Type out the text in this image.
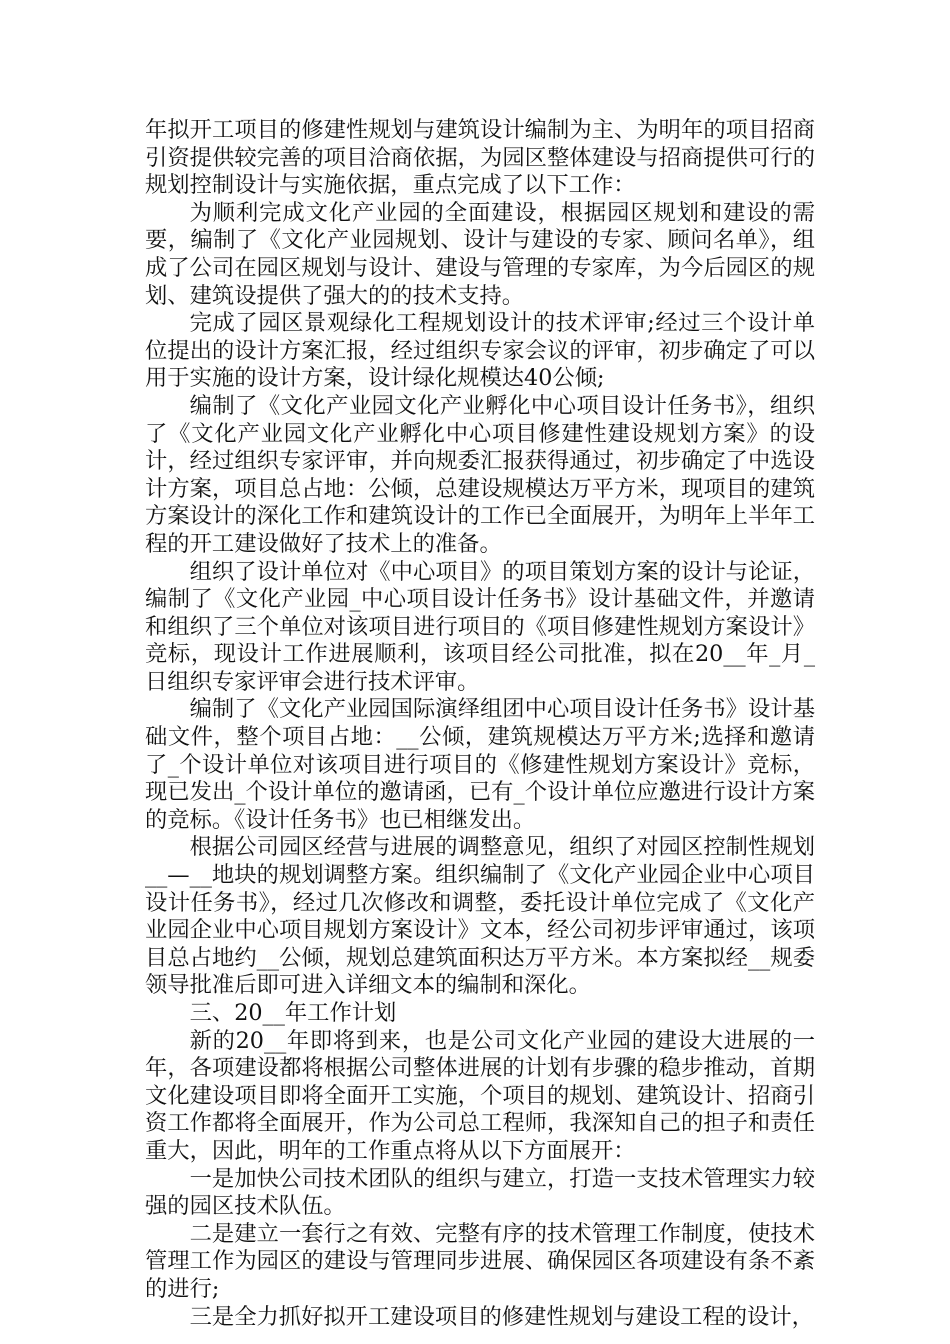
年拟开工项目的修建性规划与建筑设计编制为主、为明年的项目招商引资提供较完善的项目洽商依据，为园区整体建设与招商提供可行的规划控制设计与实施依据，重点完成了以下工作：

为顺利完成文化产业园的全面建设，根据园区规划和建设的需要，编制了《文化产业园规划、设计与建设的专家、顾问名单》，组成了公司在园区规划与设计、建设与管理的专家库，为今后园区的规划、建筑设提供了强大的的技术支持。

完成了园区景观绿化工程规划设计的技术评审;经过三个设计单位提出的设计方案汇报，经过组织专家会议的评审，初步确定了可以用于实施的设计方案，设计绿化规模达40公倾;

编制了《文化产业园文化产业孵化中心项目设计任务书》，组织了《文化产业园文化产业孵化中心项目修建性建设规划方案》的设计，经过组织专家评审，并向规委汇报获得通过，初步确定了中选设计方案，项目总占地：公倾，总建设规模达万平方米，现项目的建筑方案设计的深化工作和建筑设计的工作已全面展开，为明年上半年工程的开工建设做好了技术上的准备。

组织了设计单位对《中心项目》的项目策划方案的设计与论证，编制了《文化产业园_中心项目设计任务书》设计基础文件，并邀请和组织了三个单位对该项目进行项目的《项目修建性规划方案设计》竞标，现设计工作进展顺利，该项目经公司批准，拟在20__年_月_日组织专家评审会进行技术评审。

编制了《文化产业园国际演绎组团中心项目设计任务书》设计基础文件，整个项目占地：__公倾，建筑规模达万平方米;选择和邀请了_个设计单位对该项目进行项目的《修建性规划方案设计》竞标，现已发出_个设计单位的邀请函，已有_个设计单位应邀进行设计方案的竞标。《设计任务书》也已相继发出。

根据公司园区经营与进展的调整意见，组织了对园区控制性规划__—__地块的规划调整方案。组织编制了《文化产业园企业中心项目设计任务书》，经过几次修改和调整，委托设计单位完成了《文化产业园企业中心项目规划方案设计》文本，经公司初步评审通过，该项目总占地约__公倾，规划总建筑面积达万平方米。本方案拟经__规委领导批准后即可进入详细文本的编制和深化。

三、20__年工作计划

新的20__年即将到来，也是公司文化产业园的建设大进展的一年，各项建设都将根据公司整体进展的计划有步骤的稳步推动，首期文化建设项目即将全面开工实施，个项目的规划、建筑设计、招商引资工作都将全面展开，作为公司总工程师，我深知自己的担子和责任重大，因此，明年的工作重点将从以下方面展开：

一是加快公司技术团队的组织与建立，打造一支技术管理实力较强的园区技术队伍。

二是建立一套行之有效、完整有序的技术管理工作制度，使技术管理工作为园区的建设与管理同步进展、确保园区各项建设有条不紊的进行;

三是全力抓好拟开工建设项目的修建性规划与建设工程的设计，
